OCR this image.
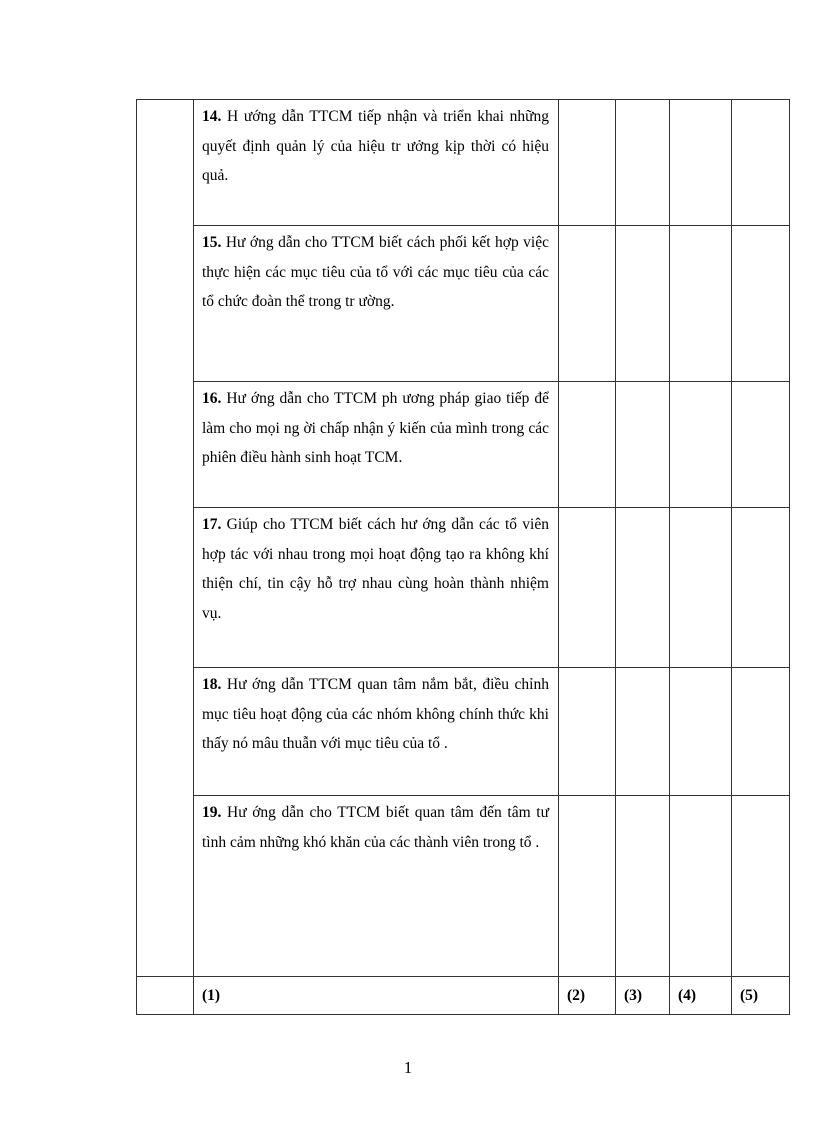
	14. H ướng dẫn TTCM tiếp nhận và triển khai những quyết định quản lý của hiệu tr ưởng kịp thời có hiệu quả.				

	15. Hư ớng dẫn cho TTCM biết cách phối kết hợp việc thực hiện các mục tiêu của tổ với các mục tiêu của các tổ chức đoàn thể trong tr ường.				

	16. Hư ớng dẫn cho TTCM ph ương pháp giao tiếp để làm cho mọi ng ời chấp nhận ý kiến của mình trong các phiên điều hành sinh hoạt TCM.				

	17. Giúp cho TTCM biết cách hư ớng dẫn các tổ viên hợp tác với nhau trong mọi hoạt động tạo ra không khí thiện chí, tin cậy hỗ trợ nhau cùng hoàn thành nhiệm vụ.				

	18. Hư ớng dẫn TTCM quan tâm nắm bắt, điều chỉnh mục tiêu hoạt động của các nhóm không chính thức khi thấy nó mâu thuẫn với mục tiêu của tổ .				

	19. Hư ớng dẫn cho TTCM biết quan tâm đến tâm tư tình cảm những khó khăn của các thành viên trong tổ .				

	(1)	(2)	(3)	(4)	(5)
1
